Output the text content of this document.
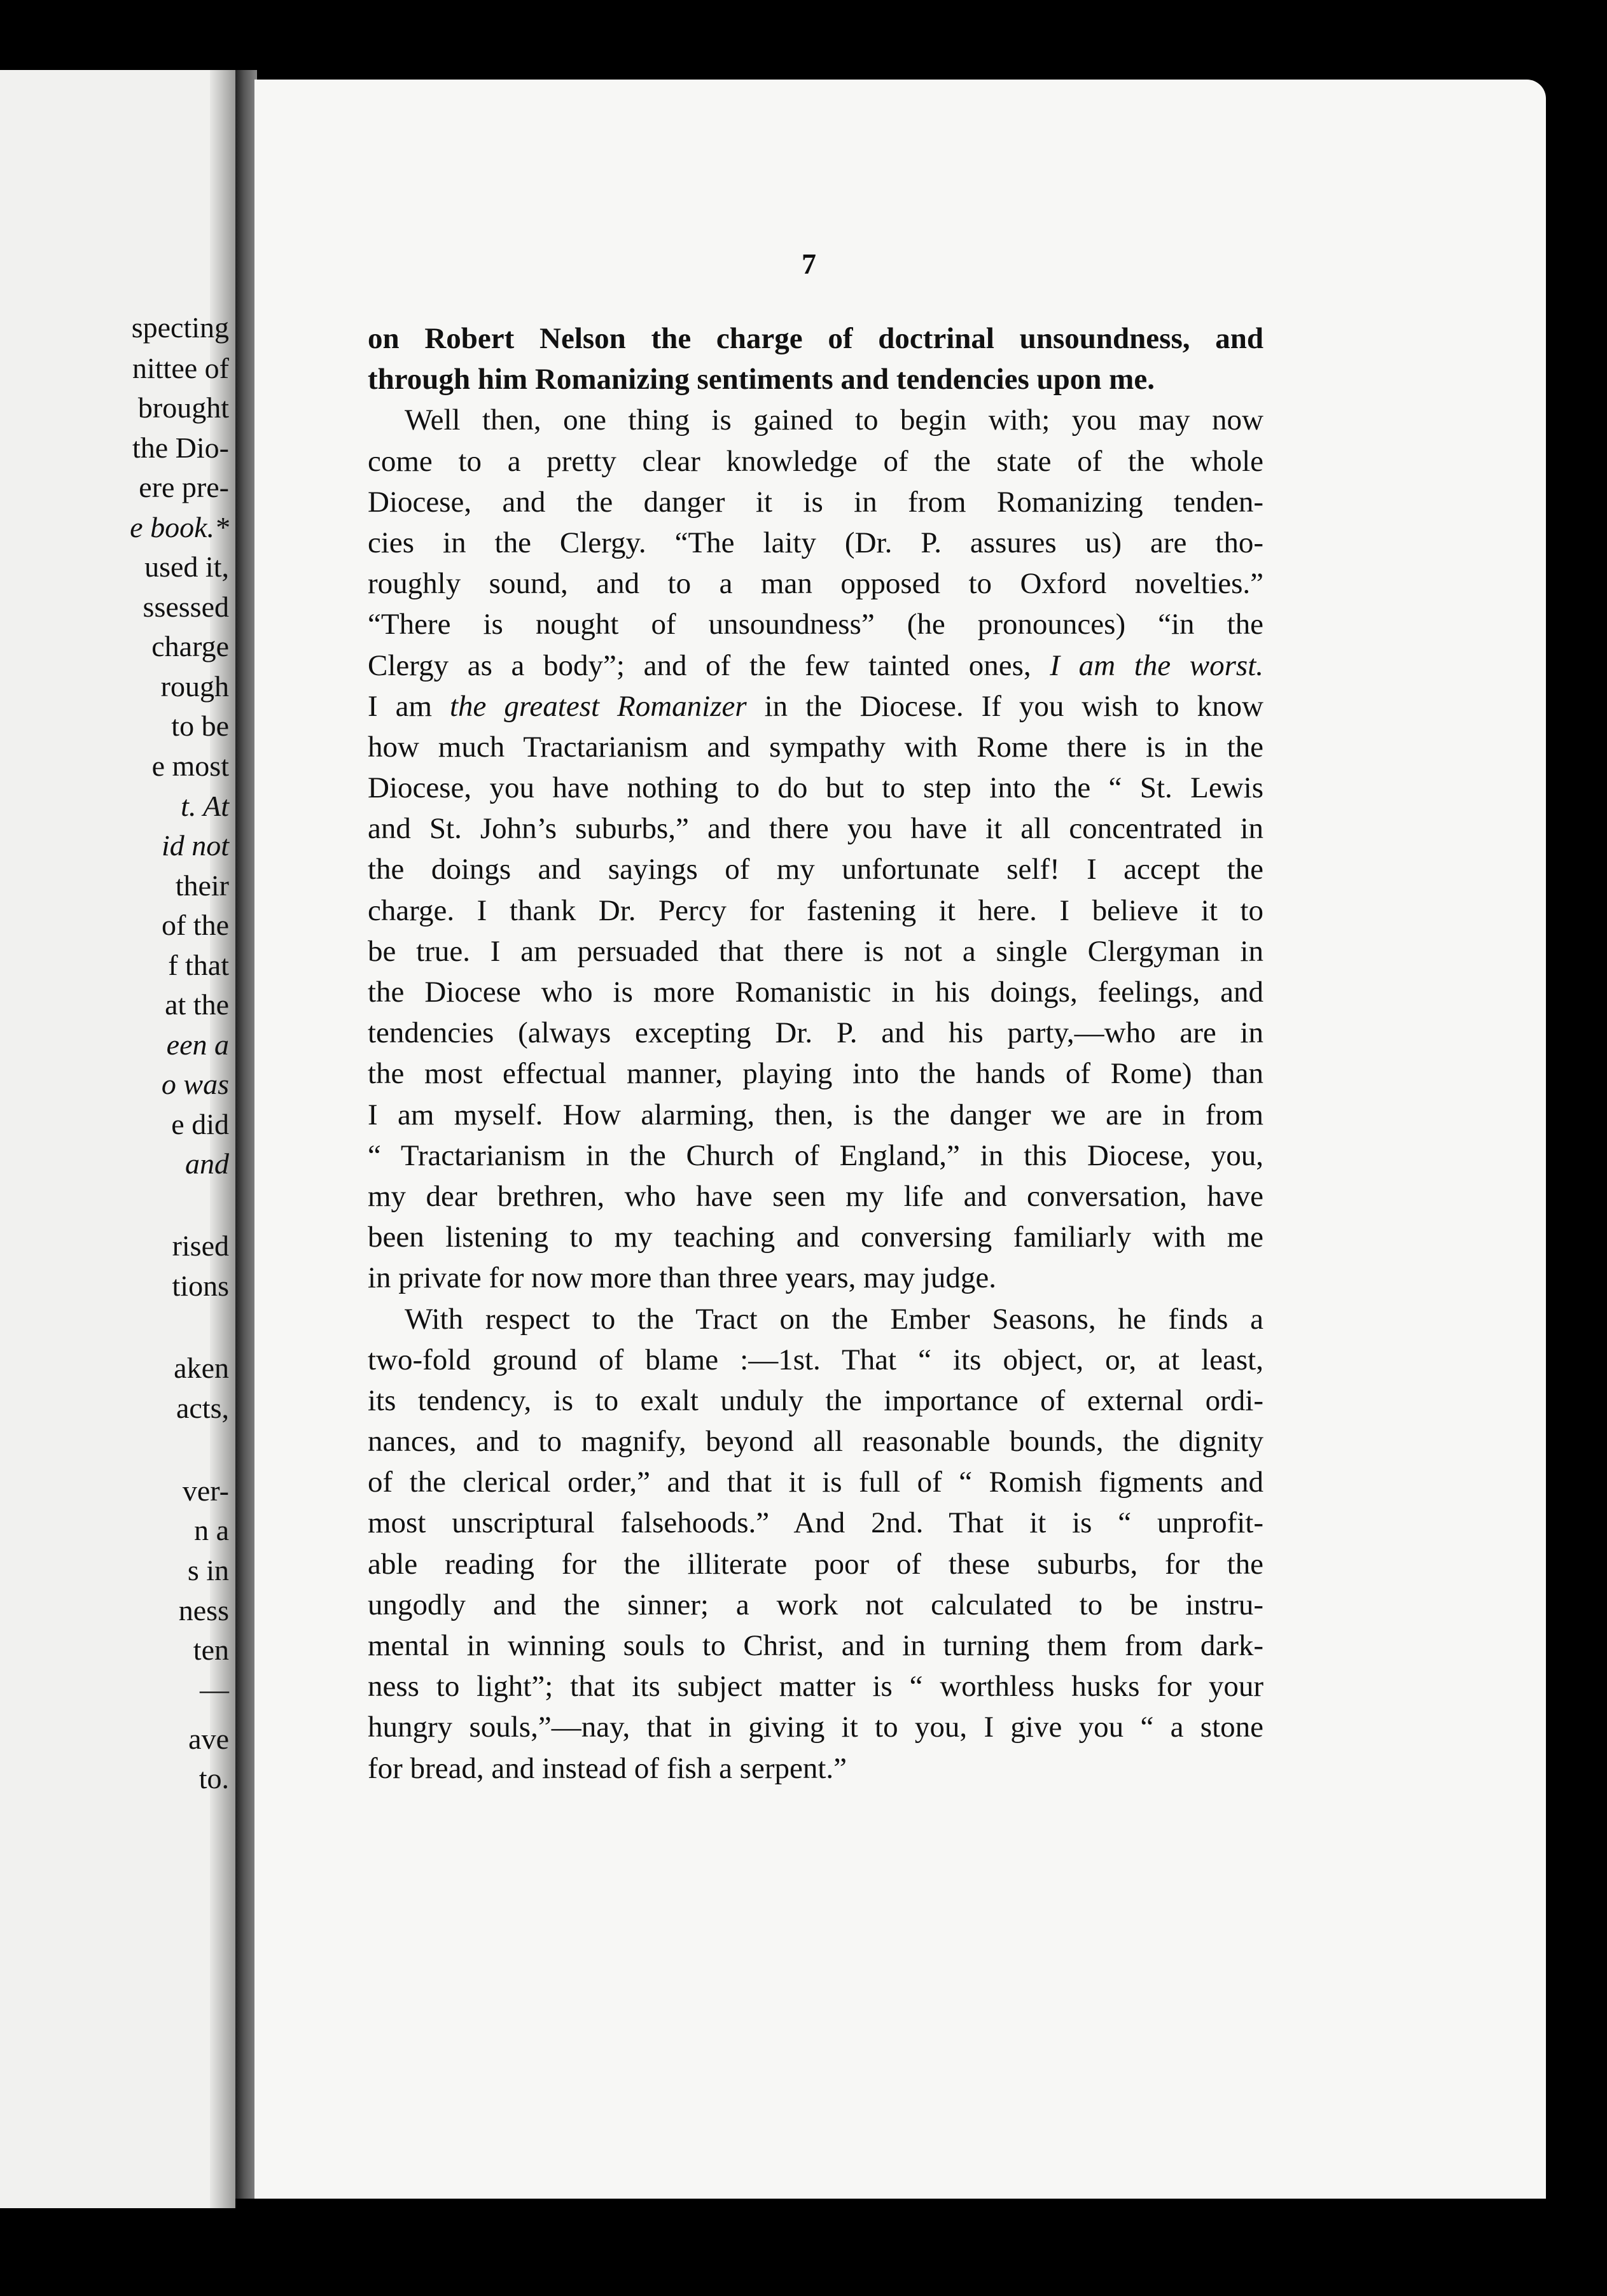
specting

nittee of

brought

the Dio-

ere pre-

e book.*

used it,

ssessed

charge

rough

to be

e most

t. At

id not

their

of the

f that

at the

een a

o was

e did

and

rised

tions

aken

acts,

ver-

n a

s in

ness

ten

—

ave

to.

7

on Robert Nelson the charge of doctrinal unsoundness, and

through him Romanizing sentiments and tendencies upon me.

Well then, one thing is gained to begin with; you may now

come to a pretty clear knowledge of the state of the whole

Diocese, and the danger it is in from Romanizing tenden-

cies in the Clergy. “The laity (Dr. P. assures us) are tho-

roughly sound, and to a man opposed to Oxford novelties.”

“There is nought of unsoundness” (he pronounces) “in the

Clergy as a body”; and of the few tainted ones, I am the worst.

I am the greatest Romanizer in the Diocese. If you wish to know

how much Tractarianism and sympathy with Rome there is in the

Diocese, you have nothing to do but to step into the “ St. Lewis

and St. John’s suburbs,” and there you have it all concentrated in

the doings and sayings of my unfortunate self! I accept the

charge. I thank Dr. Percy for fastening it here. I believe it to

be true. I am persuaded that there is not a single Clergyman in

the Diocese who is more Romanistic in his doings, feelings, and

tendencies (always excepting Dr. P. and his party,—who are in

the most effectual manner, playing into the hands of Rome) than

I am myself. How alarming, then, is the danger we are in from

“ Tractarianism in the Church of England,” in this Diocese, you,

my dear brethren, who have seen my life and conversation, have

been listening to my teaching and conversing familiarly with me

in private for now more than three years, may judge.

With respect to the Tract on the Ember Seasons, he finds a

two-fold ground of blame :—1st. That “ its object, or, at least,

its tendency, is to exalt unduly the importance of external ordi-

nances, and to magnify, beyond all reasonable bounds, the dignity

of the clerical order,” and that it is full of “ Romish figments and

most unscriptural falsehoods.” And 2nd. That it is “ unprofit-

able reading for the illiterate poor of these suburbs, for the

ungodly and the sinner; a work not calculated to be instru-

mental in winning souls to Christ, and in turning them from dark-

ness to light”; that its subject matter is “ worthless husks for your

hungry souls,”—nay, that in giving it to you, I give you “ a stone

for bread, and instead of fish a serpent.”
